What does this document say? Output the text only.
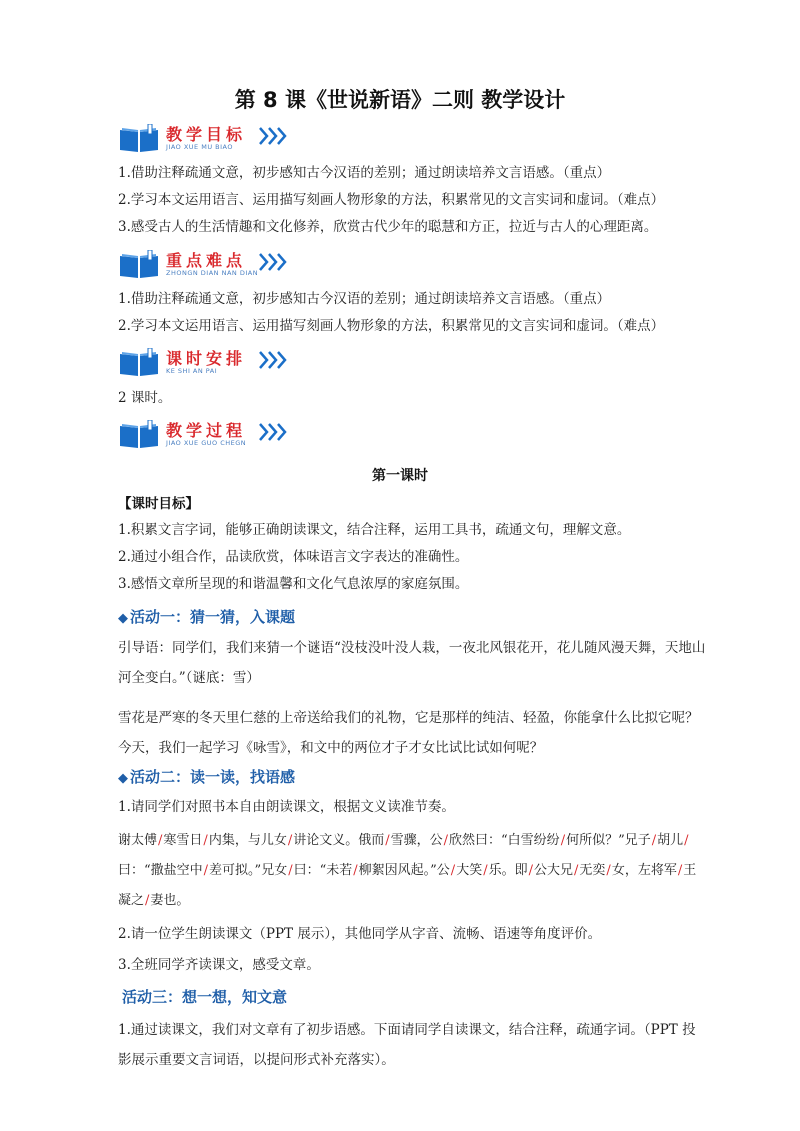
第 8 课《世说新语》二则 教学设计
教学目标
JIAO XUE MU BIAO
1.借助注释疏通文意，初步感知古今汉语的差别；通过朗读培养文言语感。（重点）
2.学习本文运用语言、运用描写刻画人物形象的方法，积累常见的文言实词和虚词。（难点）
3.感受古人的生活情趣和文化修养，欣赏古代少年的聪慧和方正，拉近与古人的心理距离。
重点难点
ZHONGN DIAN NAN DIAN
1.借助注释疏通文意，初步感知古今汉语的差别；通过朗读培养文言语感。（重点）
2.学习本文运用语言、运用描写刻画人物形象的方法，积累常见的文言实词和虚词。（难点）
课时安排
KE SHI AN PAI
2 课时。
教学过程
JIAO XUE GUO CHEGN
第一课时
【课时目标】
1.积累文言字词，能够正确朗读课文，结合注释，运用工具书，疏通文句，理解文意。
2.通过小组合作，品读欣赏，体味语言文字表达的准确性。
3.感悟文章所呈现的和谐温馨和文化气息浓厚的家庭氛围。
◆ 活动一：猜一猜，入课题
引导语：同学们，我们来猜一个谜语“没枝没叶没人栽，一夜北风银花开，花儿随风漫天舞，天地山河全变白。”（谜底：雪）
雪花是严寒的冬天里仁慈的上帝送给我们的礼物，它是那样的纯洁、轻盈，你能拿什么比拟它呢？今天，我们一起学习《咏雪》，和文中的两位才子才女比试比试如何呢？
◆ 活动二：读一读，找语感
1.请同学们对照书本自由朗读课文，根据文义读准节奏。
谢太傅/寒雪日/内集，与儿女/讲论文义。俄而/雪骤，公/欣然曰：“白雪纷纷/何所似？”兄子/胡儿/曰：“撒盐空中/差可拟。”兄女/曰：“未若/柳絮因风起。”公/大笑/乐。即/公大兄/无奕/女，左将军/王凝之/妻也。
2.请一位学生朗读课文（PPT 展示），其他同学从字音、流畅、语速等角度评价。
3.全班同学齐读课文，感受文章。
活动三：想一想，知文意
1.通过读课文，我们对文章有了初步语感。下面请同学自读课文，结合注释，疏通字词。（PPT 投影展示重要文言词语，以提问形式补充落实）。
